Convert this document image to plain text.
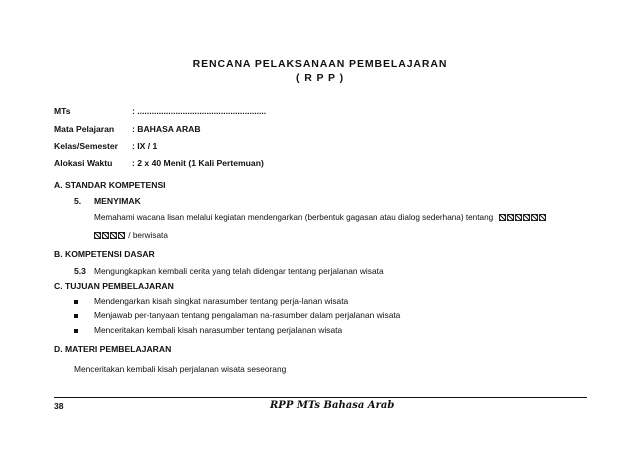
RENCANA PELAKSANAAN PEMBELAJARAN
( R P P )
MTs	: ......................................................
Mata Pelajaran : BAHASA ARAB
Kelas/Semester : IX / 1
Alokasi Waktu : 2 x 40 Menit (1 Kali Pertemuan)
A. STANDAR KOMPETENSI
5. MENYIMAK
Memahami wacana lisan melalui kegiatan mendengarkan (berbentuk gagasan atau dialog sederhana) tentang
/ berwisata
B. KOMPETENSI DASAR
5.3 Mengungkapkan kembali cerita yang telah didengar tentang perjalanan wisata
C. TUJUAN PEMBELAJARAN
Mendengarkan kisah singkat narasumber tentang perja-lanan wisata
Menjawab per-tanyaan tentang pengalaman na-rasumber dalam perjalanan wisata
Menceritakan kembali kisah narasumber tentang perjalanan wisata
D. MATERI PEMBELAJARAN
Menceritakan kembali kisah perjalanan wisata seseorang
38	RPP MTs Bahasa Arab
